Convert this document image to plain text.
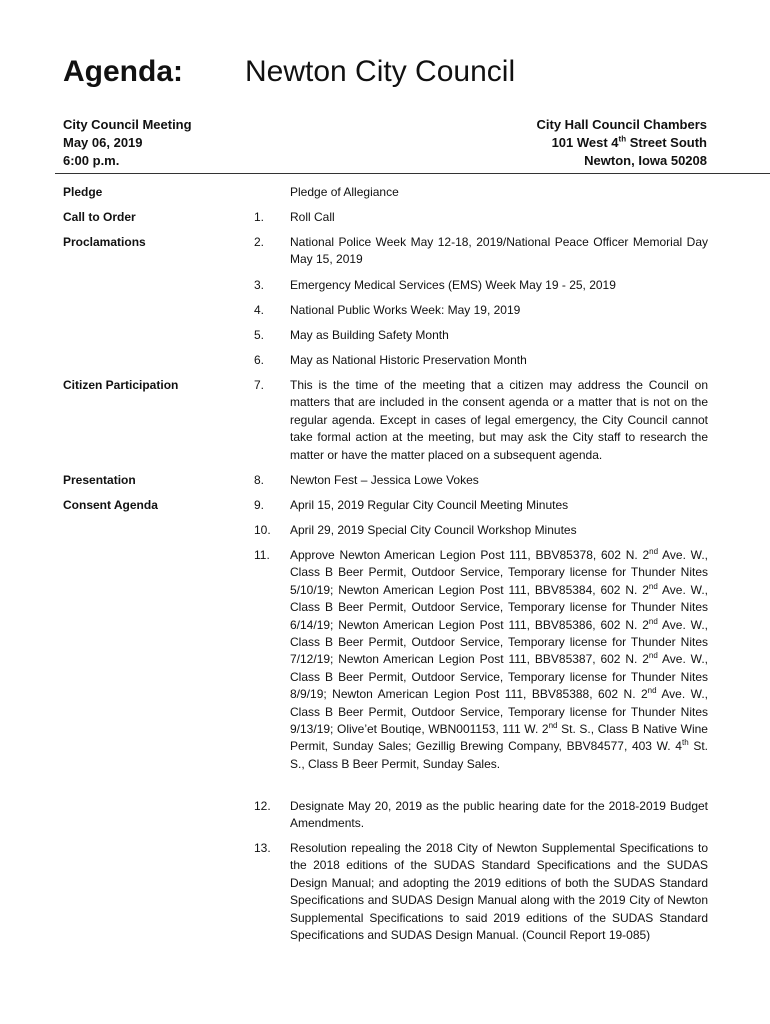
Agenda: Newton City Council
City Council Meeting
May 06, 2019
6:00 p.m.
City Hall Council Chambers
101 West 4th Street South
Newton, Iowa 50208
Pledge	Pledge of Allegiance
Call to Order	1. Roll Call
Proclamations	2. National Police Week May 12-18, 2019/National Peace Officer Memorial Day May 15, 2019
3. Emergency Medical Services (EMS) Week May 19 - 25, 2019
4. National Public Works Week: May 19, 2019
5. May as Building Safety Month
6. May as National Historic Preservation Month
Citizen Participation	7. This is the time of the meeting that a citizen may address the Council on matters that are included in the consent agenda or a matter that is not on the regular agenda. Except in cases of legal emergency, the City Council cannot take formal action at the meeting, but may ask the City staff to research the matter or have the matter placed on a subsequent agenda.
Presentation	8. Newton Fest – Jessica Lowe Vokes
Consent Agenda	9. April 15, 2019 Regular City Council Meeting Minutes
10. April 29, 2019 Special City Council Workshop Minutes
11. Approve Newton American Legion Post 111, BBV85378, 602 N. 2nd Ave. W., Class B Beer Permit, Outdoor Service, Temporary license for Thunder Nites 5/10/19; Newton American Legion Post 111, BBV85384, 602 N. 2nd Ave. W., Class B Beer Permit, Outdoor Service, Temporary license for Thunder Nites 6/14/19; Newton American Legion Post 111, BBV85386, 602 N. 2nd Ave. W., Class B Beer Permit, Outdoor Service, Temporary license for Thunder Nites 7/12/19; Newton American Legion Post 111, BBV85387, 602 N. 2nd Ave. W., Class B Beer Permit, Outdoor Service, Temporary license for Thunder Nites 8/9/19; Newton American Legion Post 111, BBV85388, 602 N. 2nd Ave. W., Class B Beer Permit, Outdoor Service, Temporary license for Thunder Nites 9/13/19; Olive’et Boutiqe, WBN001153, 111 W. 2nd St. S., Class B Native Wine Permit, Sunday Sales; Gezillig Brewing Company, BBV84577, 403 W. 4th St. S., Class B Beer Permit, Sunday Sales.
12. Designate May 20, 2019 as the public hearing date for the 2018-2019 Budget Amendments.
13. Resolution repealing the 2018 City of Newton Supplemental Specifications to the 2018 editions of the SUDAS Standard Specifications and the SUDAS Design Manual; and adopting the 2019 editions of both the SUDAS Standard Specifications and SUDAS Design Manual along with the 2019 City of Newton Supplemental Specifications to said 2019 editions of the SUDAS Standard Specifications and SUDAS Design Manual. (Council Report 19-085)
